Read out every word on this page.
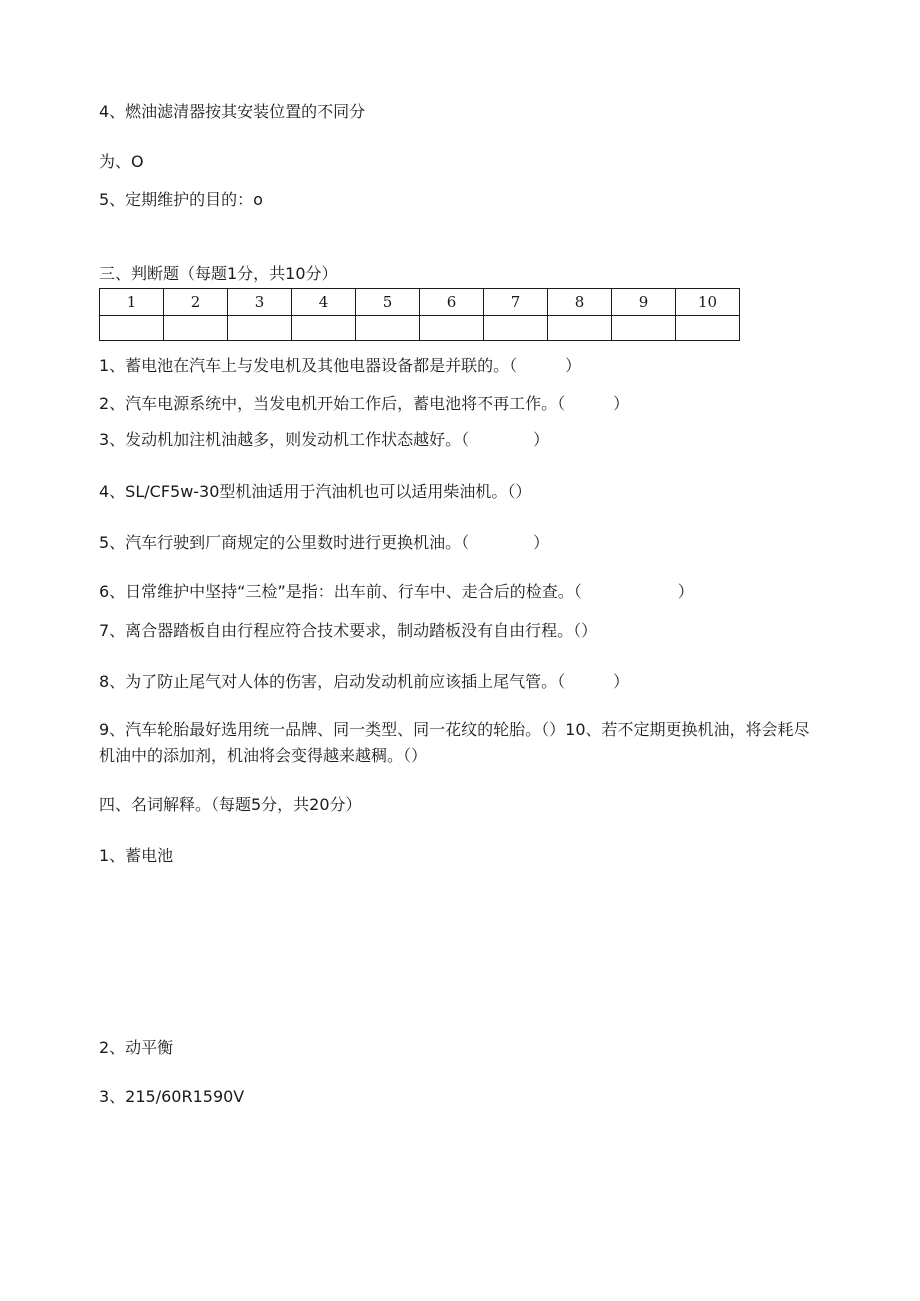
4、燃油滤清器按其安装位置的不同分
为、O
5、定期维护的目的：o
三、判断题（每题1分，共10分）
1	2	3	4	5	6	7	8	9	10

1、蓄电池在汽车上与发电机及其他电器设备都是并联的。（　　　）
2、汽车电源系统中，当发电机开始工作后，蓄电池将不再工作。（　　　）
3、发动机加注机油越多，则发动机工作状态越好。（　　　　）
4、SL/CF5w-30型机油适用于汽油机也可以适用柴油机。（）
5、汽车行驶到厂商规定的公里数时进行更换机油。（　　　　）
6、日常维护中坚持“三检”是指：出车前、行车中、走合后的检查。（　　　　　　）
7、离合器踏板自由行程应符合技术要求，制动踏板没有自由行程。（）
8、为了防止尾气对人体的伤害，启动发动机前应该插上尾气管。（　　　）
9、汽车轮胎最好选用统一品牌、同一类型、同一花纹的轮胎。（）10、若不定期更换机油，将会耗尽机油中的添加剂，机油将会变得越来越稠。（）
四、名词解释。（每题5分，共20分）
1、蓄电池
2、动平衡
3、215/60R1590V
